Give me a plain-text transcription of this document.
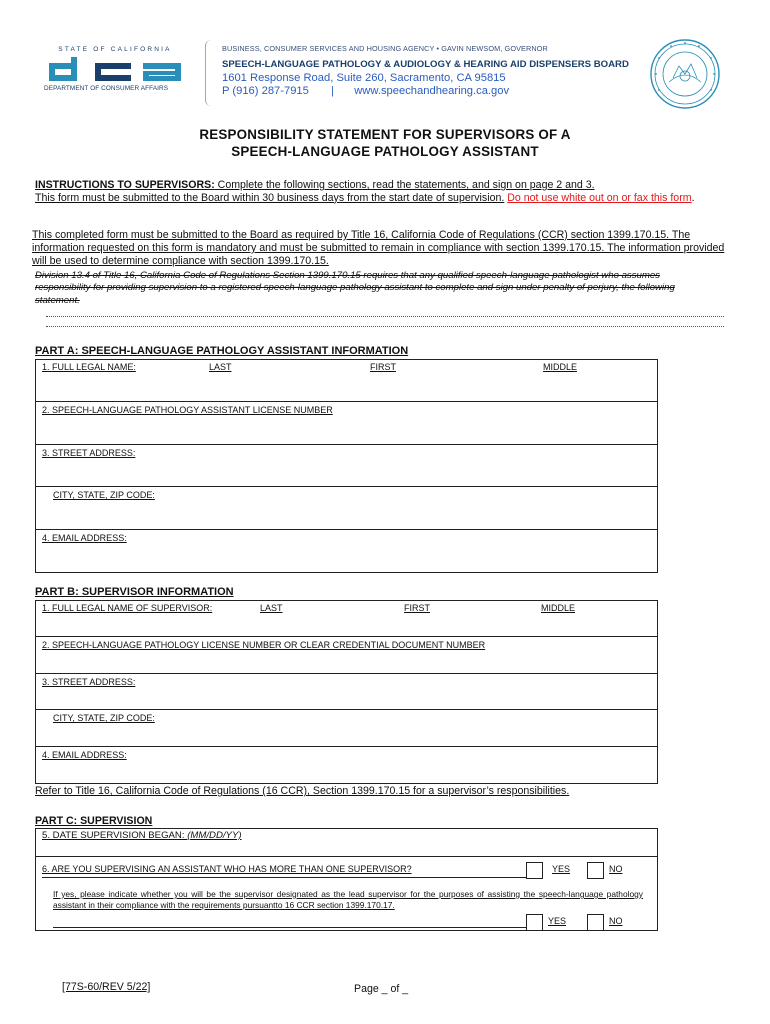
STATE OF CALIFORNIA
DEPARTMENT OF CONSUMER AFFAIRS
BUSINESS, CONSUMER SERVICES AND HOUSING AGENCY • GAVIN NEWSOM, GOVERNOR
SPEECH-LANGUAGE PATHOLOGY & AUDIOLOGY & HEARING AID DISPENSERS BOARD
1601 Response Road, Suite 260, Sacramento, CA 95815
P (916) 287-7915 | www.speechandhearing.ca.gov
RESPONSIBILITY STATEMENT FOR SUPERVISORS OF A
SPEECH-LANGUAGE PATHOLOGY ASSISTANT
INSTRUCTIONS TO SUPERVISORS: Complete the following sections, read the statements, and sign on page 2 and 3.
This form must be submitted to the Board within 30 business days from the start date of supervision. Do not use white out on or fax this form.
This completed form must be submitted to the Board as required by Title 16, California Code of Regulations (CCR) section 1399.170.15. The information requested on this form is mandatory and must be submitted to remain in compliance with section 1399.170.15. The information provided will be used to determine compliance with section 1399.170.15.
Division 13.4 of Title 16, California Code of Regulations Section 1399.170.15 requires that any qualified speech-language pathologist who assumes responsibility for providing supervision to a registered speech-language pathology assistant to complete and sign under penalty of perjury, the following statement.
PART A: SPEECH-LANGUAGE PATHOLOGY ASSISTANT INFORMATION
1. FULL LEGAL NAME:	LAST	FIRST	MIDDLE
2. SPEECH-LANGUAGE PATHOLOGY ASSISTANT LICENSE NUMBER
3. STREET ADDRESS:
CITY, STATE, ZIP CODE:
4. EMAIL ADDRESS:
PART B: SUPERVISOR INFORMATION
1. FULL LEGAL NAME OF SUPERVISOR:	LAST	FIRST	MIDDLE
2. SPEECH-LANGUAGE PATHOLOGY LICENSE NUMBER OR CLEAR CREDENTIAL DOCUMENT NUMBER
3. STREET ADDRESS:
CITY, STATE, ZIP CODE:
4. EMAIL ADDRESS:
Refer to Title 16, California Code of Regulations (16 CCR), Section 1399.170.15 for a supervisor’s responsibilities.
PART C: SUPERVISION
5. DATE SUPERVISION BEGAN: (MM/DD/YY)
6. ARE YOU SUPERVISING AN ASSISTANT WHO HAS MORE THAN ONE SUPERVISOR?	YES	NO
If yes, please indicate whether you will be the supervisor designated as the lead supervisor for the purposes of assisting the speech-language pathology assistant in their compliance with the requirements pursuantto 16 CCR section 1399.170.17.
YES	NO
[77S-60/REV 5/22]	Page _ of _
